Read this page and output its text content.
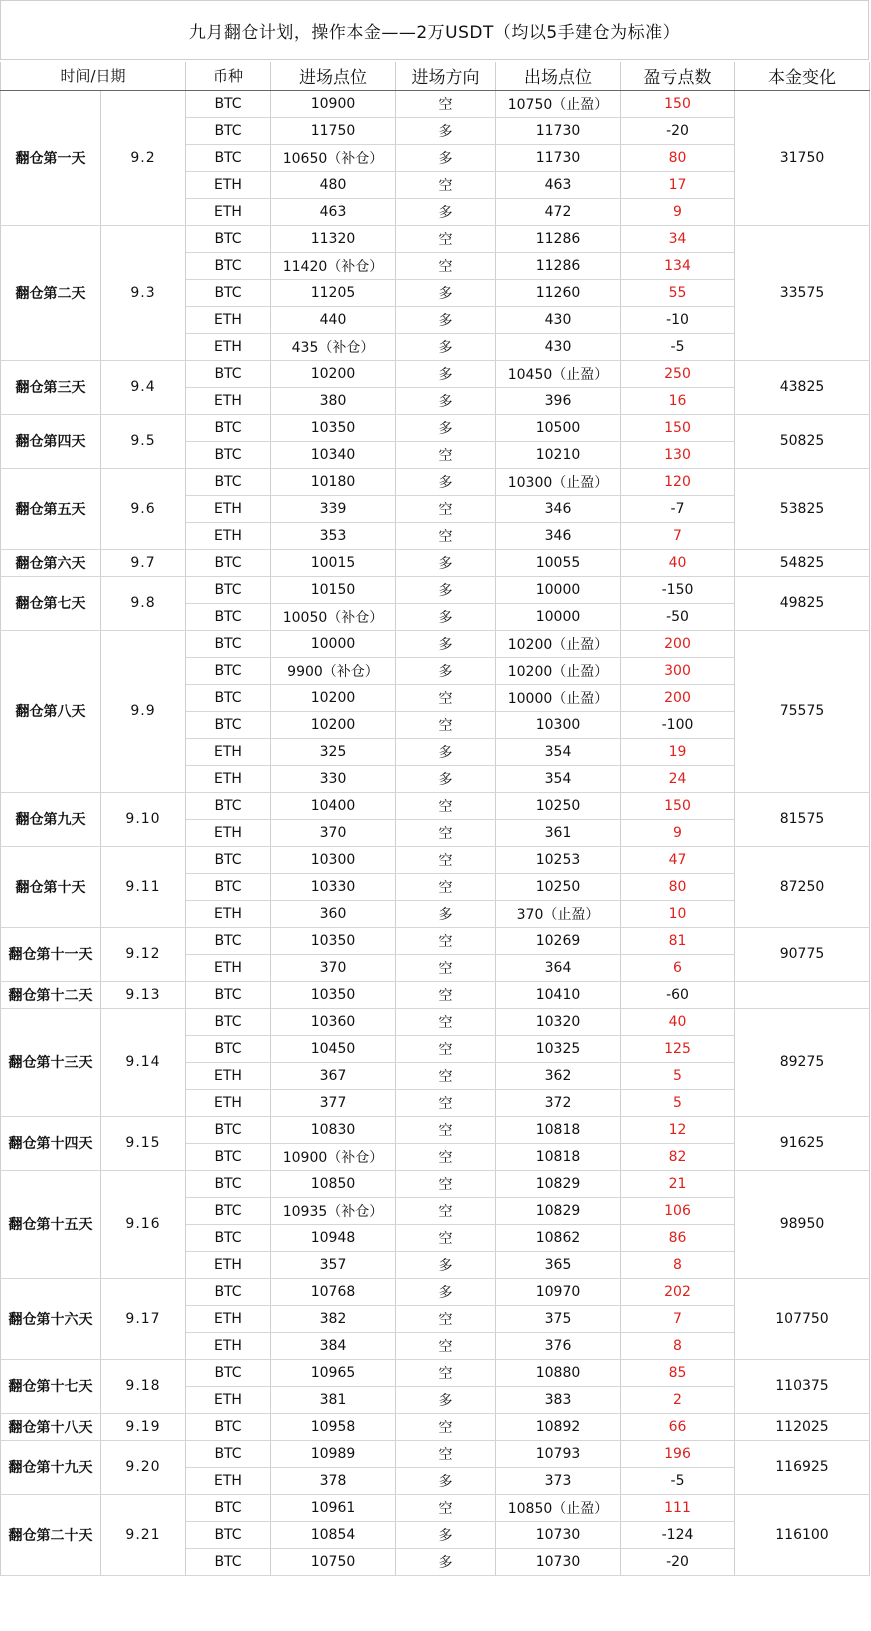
九月翻仓计划，操作本金——2万USDT（均以5手建仓为标准）
时间/日期		币种	进场点位	进场方向	出场点位	盈亏点数	本金变化
翻仓第一天	9.2	BTC	10900	空	10750（止盈）	150	31750
		BTC	11750	多	11730	-20	
		BTC	10650（补仓）	多	11730	80	
		ETH	480	空	463	17	
		ETH	463	多	472	9	
翻仓第二天	9.3	BTC	11320	空	11286	34	33575
		BTC	11420（补仓）	空	11286	134	
		BTC	11205	多	11260	55	
		ETH	440	多	430	-10	
		ETH	435（补仓）	多	430	-5	
翻仓第三天	9.4	BTC	10200	多	10450（止盈）	250	43825
		ETH	380	多	396	16	
翻仓第四天	9.5	BTC	10350	多	10500	150	50825
		BTC	10340	空	10210	130	
翻仓第五天	9.6	BTC	10180	多	10300（止盈）	120	53825
		ETH	339	空	346	-7	
		ETH	353	空	346	7	
翻仓第六天	9.7	BTC	10015	多	10055	40	54825
翻仓第七天	9.8	BTC	10150	多	10000	-150	49825
		BTC	10050（补仓）	多	10000	-50	
翻仓第八天	9.9	BTC	10000	多	10200（止盈）	200	75575
		BTC	9900（补仓）	多	10200（止盈）	300	
		BTC	10200	空	10000（止盈）	200	
		BTC	10200	空	10300	-100	
		ETH	325	多	354	19	
		ETH	330	多	354	24	
翻仓第九天	9.10	BTC	10400	空	10250	150	81575
		ETH	370	空	361	9	
翻仓第十天	9.11	BTC	10300	空	10253	47	87250
		BTC	10330	空	10250	80	
		ETH	360	多	370（止盈）	10	
翻仓第十一天	9.12	BTC	10350	空	10269	81	90775
		ETH	370	空	364	6	
翻仓第十二天	9.13	BTC	10350	空	10410	-60	
翻仓第十三天	9.14	BTC	10360	空	10320	40	89275
		BTC	10450	空	10325	125	
		ETH	367	空	362	5	
		ETH	377	空	372	5	
翻仓第十四天	9.15	BTC	10830	空	10818	12	91625
		BTC	10900（补仓）	空	10818	82	
翻仓第十五天	9.16	BTC	10850	空	10829	21	98950
		BTC	10935（补仓）	空	10829	106	
		BTC	10948	空	10862	86	
		ETH	357	多	365	8	
翻仓第十六天	9.17	BTC	10768	多	10970	202	107750
		ETH	382	空	375	7	
		ETH	384	空	376	8	
翻仓第十七天	9.18	BTC	10965	空	10880	85	110375
		ETH	381	多	383	2	
翻仓第十八天	9.19	BTC	10958	空	10892	66	112025
翻仓第十九天	9.20	BTC	10989	空	10793	196	116925
		ETH	378	多	373	-5	
翻仓第二十天	9.21	BTC	10961	空	10850（止盈）	111	116100
		BTC	10854	多	10730	-124	
		BTC	10750	多	10730	-20	
